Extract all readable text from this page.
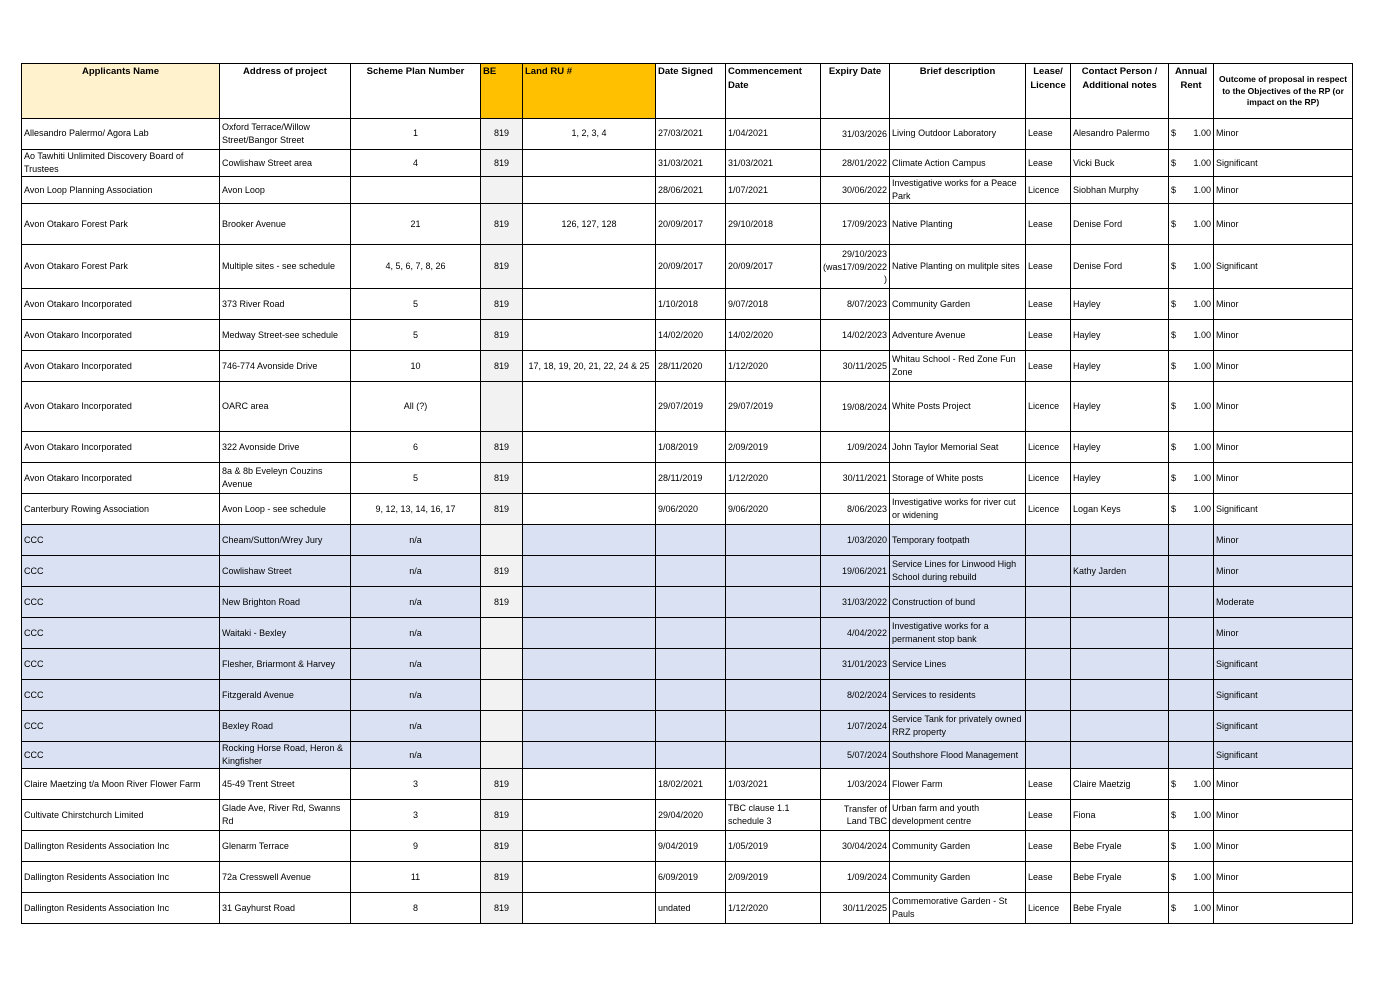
Applicants Name	Address of project	Scheme Plan Number	BE	Land RU #	Date Signed	Commencement Date	Expiry Date	Brief description	Lease/ Licence	Contact Person / Additional notes	Annual Rent	Outcome of proposal in respect to the Objectives of the RP (or impact on the RP)
Allesandro Palermo/ Agora Lab	Oxford Terrace/Willow Street/Bangor Street	1	819	1, 2, 3, 4	27/03/2021	1/04/2021	31/03/2026	Living Outdoor Laboratory	Lease	Alesandro Palermo	$ 1.00	Minor
Ao Tawhiti Unlimited Discovery Board of Trustees	Cowlishaw Street area	4	819		31/03/2021	31/03/2021	28/01/2022	Climate Action Campus	Lease	Vicki Buck	$ 1.00	Significant
Avon Loop Planning Association	Avon Loop				28/06/2021	1/07/2021	30/06/2022	Investigative works for a Peace Park	Licence	Siobhan Murphy	$ 1.00	Minor
Avon Otakaro Forest Park	Brooker Avenue	21	819	126, 127, 128	20/09/2017	29/10/2018	17/09/2023	Native Planting	Lease	Denise Ford	$ 1.00	Minor
Avon Otakaro Forest Park	Multiple sites - see schedule	4, 5, 6, 7, 8, 26	819		20/09/2017	20/09/2017	29/10/2023 (was17/09/2022 )	Native Planting on mulitple sites	Lease	Denise Ford	$ 1.00	Significant
Avon Otakaro Incorporated	373 River Road	5	819		1/10/2018	9/07/2018	8/07/2023	Community Garden	Lease	Hayley	$ 1.00	Minor
Avon Otakaro Incorporated	Medway Street-see schedule	5	819		14/02/2020	14/02/2020	14/02/2023	Adventure Avenue	Lease	Hayley	$ 1.00	Minor
Avon Otakaro Incorporated	746-774 Avonside Drive	10	819	17, 18, 19, 20, 21, 22, 24 & 25	28/11/2020	1/12/2020	30/11/2025	Whitau School - Red Zone Fun Zone	Lease	Hayley	$ 1.00	Minor
Avon Otakaro Incorporated	OARC area	All (?)			29/07/2019	29/07/2019	19/08/2024	White Posts Project	Licence	Hayley	$ 1.00	Minor
Avon Otakaro Incorporated	322 Avonside Drive	6	819		1/08/2019	2/09/2019	1/09/2024	John Taylor Memorial Seat	Licence	Hayley	$ 1.00	Minor
Avon Otakaro Incorporated	8a & 8b Eveleyn Couzins Avenue	5	819		28/11/2019	1/12/2020	30/11/2021	Storage of White posts	Licence	Hayley	$ 1.00	Minor
Canterbury Rowing Association	Avon Loop - see schedule	9, 12, 13, 14, 16, 17	819		9/06/2020	9/06/2020	8/06/2023	Investigative works for river cut or widening	Licence	Logan Keys	$ 1.00	Significant
CCC	Cheam/Sutton/Wrey Jury	n/a					1/03/2020	Temporary footpath				Minor
CCC	Cowlishaw Street	n/a	819				19/06/2021	Service Lines for Linwood High School during rebuild		Kathy Jarden		Minor
CCC	New Brighton Road	n/a	819				31/03/2022	Construction of bund				Moderate
CCC	Waitaki - Bexley	n/a					4/04/2022	Investigative works for a permanent stop bank				Minor
CCC	Flesher, Briarmont & Harvey	n/a					31/01/2023	Service Lines				Significant
CCC	Fitzgerald Avenue	n/a					8/02/2024	Services to residents				Significant
CCC	Bexley Road	n/a					1/07/2024	Service Tank for privately owned RRZ property				Significant
CCC	Rocking Horse Road, Heron & Kingfisher	n/a					5/07/2024	Southshore Flood Management				Significant
Claire Maetzing t/a Moon River Flower Farm	45-49 Trent Street	3	819		18/02/2021	1/03/2021	1/03/2024	Flower Farm	Lease	Claire Maetzig	$ 1.00	Minor
Cultivate Chirstchurch Limited	Glade Ave, River Rd, Swanns Rd	3	819		29/04/2020	TBC clause 1.1 schedule 3	Transfer of Land TBC	Urban farm and youth development centre	Lease	Fiona	$ 1.00	Minor
Dallington Residents Association Inc	Glenarm Terrace	9	819		9/04/2019	1/05/2019	30/04/2024	Community Garden	Lease	Bebe Fryale	$ 1.00	Minor
Dallington Residents Association Inc	72a Cresswell Avenue	11	819		6/09/2019	2/09/2019	1/09/2024	Community Garden	Lease	Bebe Fryale	$ 1.00	Minor
Dallington Residents Association Inc	31 Gayhurst Road	8	819		undated	1/12/2020	30/11/2025	Commemorative Garden - St Pauls	Licence	Bebe Fryale	$ 1.00	Minor
